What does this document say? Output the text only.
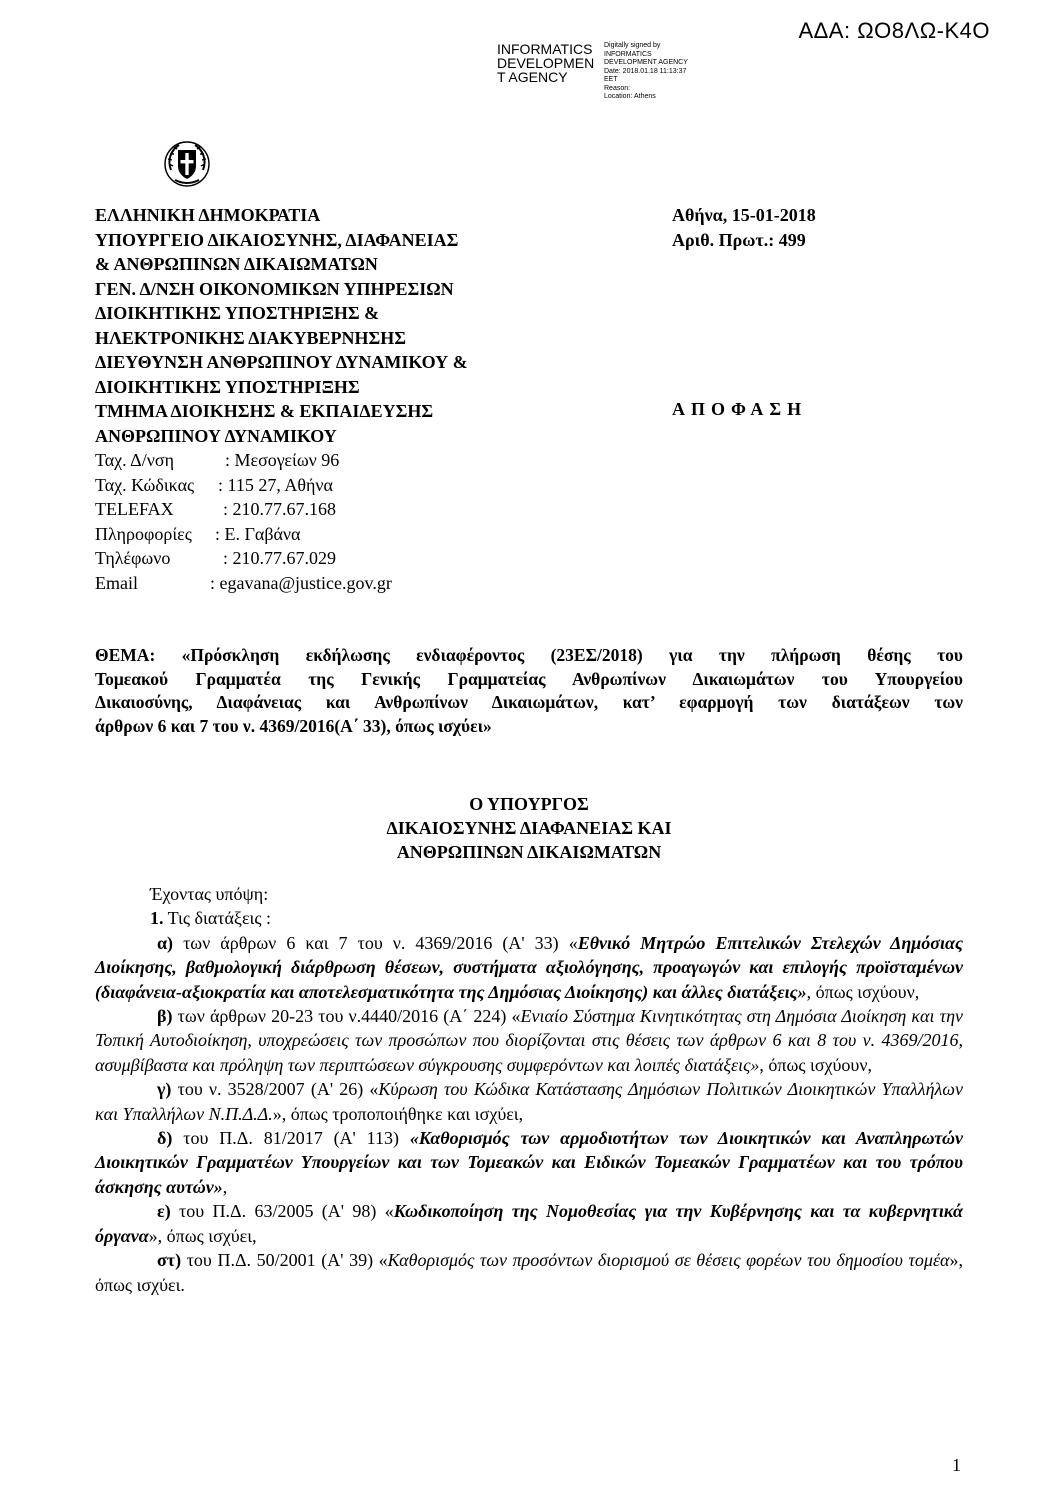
ΑΔΑ: ΩΟ8ΛΩ-Κ4Ο
INFORMATICS
DEVELOPMEN
T AGENCY
Digitally signed by
INFORMATICS
DEVELOPMENT AGENCY
Date: 2018.01.18 11:13:37
EET
Reason:
Location: Athens
ΕΛΛΗΝΙΚΗ ΔΗΜΟΚΡΑΤΙΑ
ΥΠΟΥΡΓΕΙΟ ΔΙΚΑΙΟΣΥΝΗΣ, ΔΙΑΦΑΝΕΙΑΣ
& ΑΝΘΡΩΠΙΝΩΝ ΔΙΚΑΙΩΜΑΤΩΝ
ΓΕΝ. Δ/ΝΣΗ ΟΙΚΟΝΟΜΙΚΩΝ ΥΠΗΡΕΣΙΩΝ
ΔΙΟΙΚΗΤΙΚΗΣ ΥΠΟΣΤΗΡΙΞΗΣ &
ΗΛΕΚΤΡΟΝΙΚΗΣ ΔΙΑΚΥΒΕΡΝΗΣΗΣ
ΔΙΕΥΘΥΝΣΗ ΑΝΘΡΩΠΙΝΟΥ ΔΥΝΑΜΙΚΟΥ &
ΔΙΟΙΚΗΤΙΚΗΣ ΥΠΟΣΤΗΡΙΞΗΣ
ΤΜΗΜΑ ΔΙΟΙΚΗΣΗΣ & ΕΚΠΑΙΔΕΥΣΗΣ
ΑΝΘΡΩΠΙΝΟΥ ΔΥΝΑΜΙΚΟΥ
Αθήνα, 15-01-2018
Αριθ. Πρωτ.: 499
ΑΠΟΦΑΣΗ
Ταχ. Δ/νση	: Μεσογείων 96
Ταχ. Κώδικας : 115 27, Αθήνα
TELEFAX	: 210.77.67.168
Πληροφορίες : Ε. Γαβάνα
Τηλέφωνο	: 210.77.67.029
Email	: egavana@justice.gov.gr
ΘΕΜΑ: «Πρόσκληση εκδήλωσης ενδιαφέροντος (23ΕΣ/2018) για την πλήρωση θέσης του
Τομεακού Γραμματέα της Γενικής Γραμματείας Ανθρωπίνων Δικαιωμάτων του Υπουργείου
Δικαιοσύνης, Διαφάνειας και Ανθρωπίνων Δικαιωμάτων, κατ’ εφαρμογή των διατάξεων των
άρθρων 6 και 7 του ν. 4369/2016(Α΄ 33), όπως ισχύει»
Ο ΥΠΟΥΡΓΟΣ
ΔΙΚΑΙΟΣΥΝΗΣ ΔΙΑΦΑΝΕΙΑΣ ΚΑΙ
ΑΝΘΡΩΠΙΝΩΝ ΔΙΚΑΙΩΜΑΤΩΝ

Έχοντας υπόψη:

1. Τις διατάξεις :

α) των άρθρων 6 και 7 του ν. 4369/2016 (Α' 33) «Εθνικό Μητρώο Επιτελικών Στελεχών Δημόσιας Διοίκησης, βαθμολογική διάρθρωση θέσεων, συστήματα αξιολόγησης, προαγωγών και επιλογής προϊσταμένων (διαφάνεια-αξιοκρατία και αποτελεσματικότητα της Δημόσιας Διοίκησης) και άλλες διατάξεις», όπως ισχύουν,

β) των άρθρων 20-23 του ν.4440/2016 (Α΄ 224) «Ενιαίο Σύστημα Κινητικότητας στη Δημόσια Διοίκηση και την Τοπική Αυτοδιοίκηση, υποχρεώσεις των προσώπων που διορίζονται στις θέσεις των άρθρων 6 και 8 του ν. 4369/2016, ασυμβίβαστα και πρόληψη των περιπτώσεων σύγκρουσης συμφερόντων και λοιπές διατάξεις», όπως ισχύουν,

γ) του ν. 3528/2007 (Α' 26) «Κύρωση του Κώδικα Κατάστασης Δημόσιων Πολιτικών Διοικητικών Υπαλλήλων και Υπαλλήλων Ν.Π.Δ.Δ.», όπως τροποποιήθηκε και ισχύει,

δ) του Π.Δ. 81/2017 (Α' 113) «Καθορισμός των αρμοδιοτήτων των Διοικητικών και Αναπληρωτών Διοικητικών Γραμματέων Υπουργείων και των Τομεακών και Ειδικών Τομεακών Γραμματέων και του τρόπου άσκησης αυτών»,

ε) του Π.Δ. 63/2005 (Α' 98) «Κωδικοποίηση της Νομοθεσίας για την Κυβέρνησης και τα κυβερνητικά όργανα», όπως ισχύει,

στ) του Π.Δ. 50/2001 (Α' 39) «Καθορισμός των προσόντων διορισμού σε θέσεις φορέων του δημοσίου τομέα», όπως ισχύει.

1
